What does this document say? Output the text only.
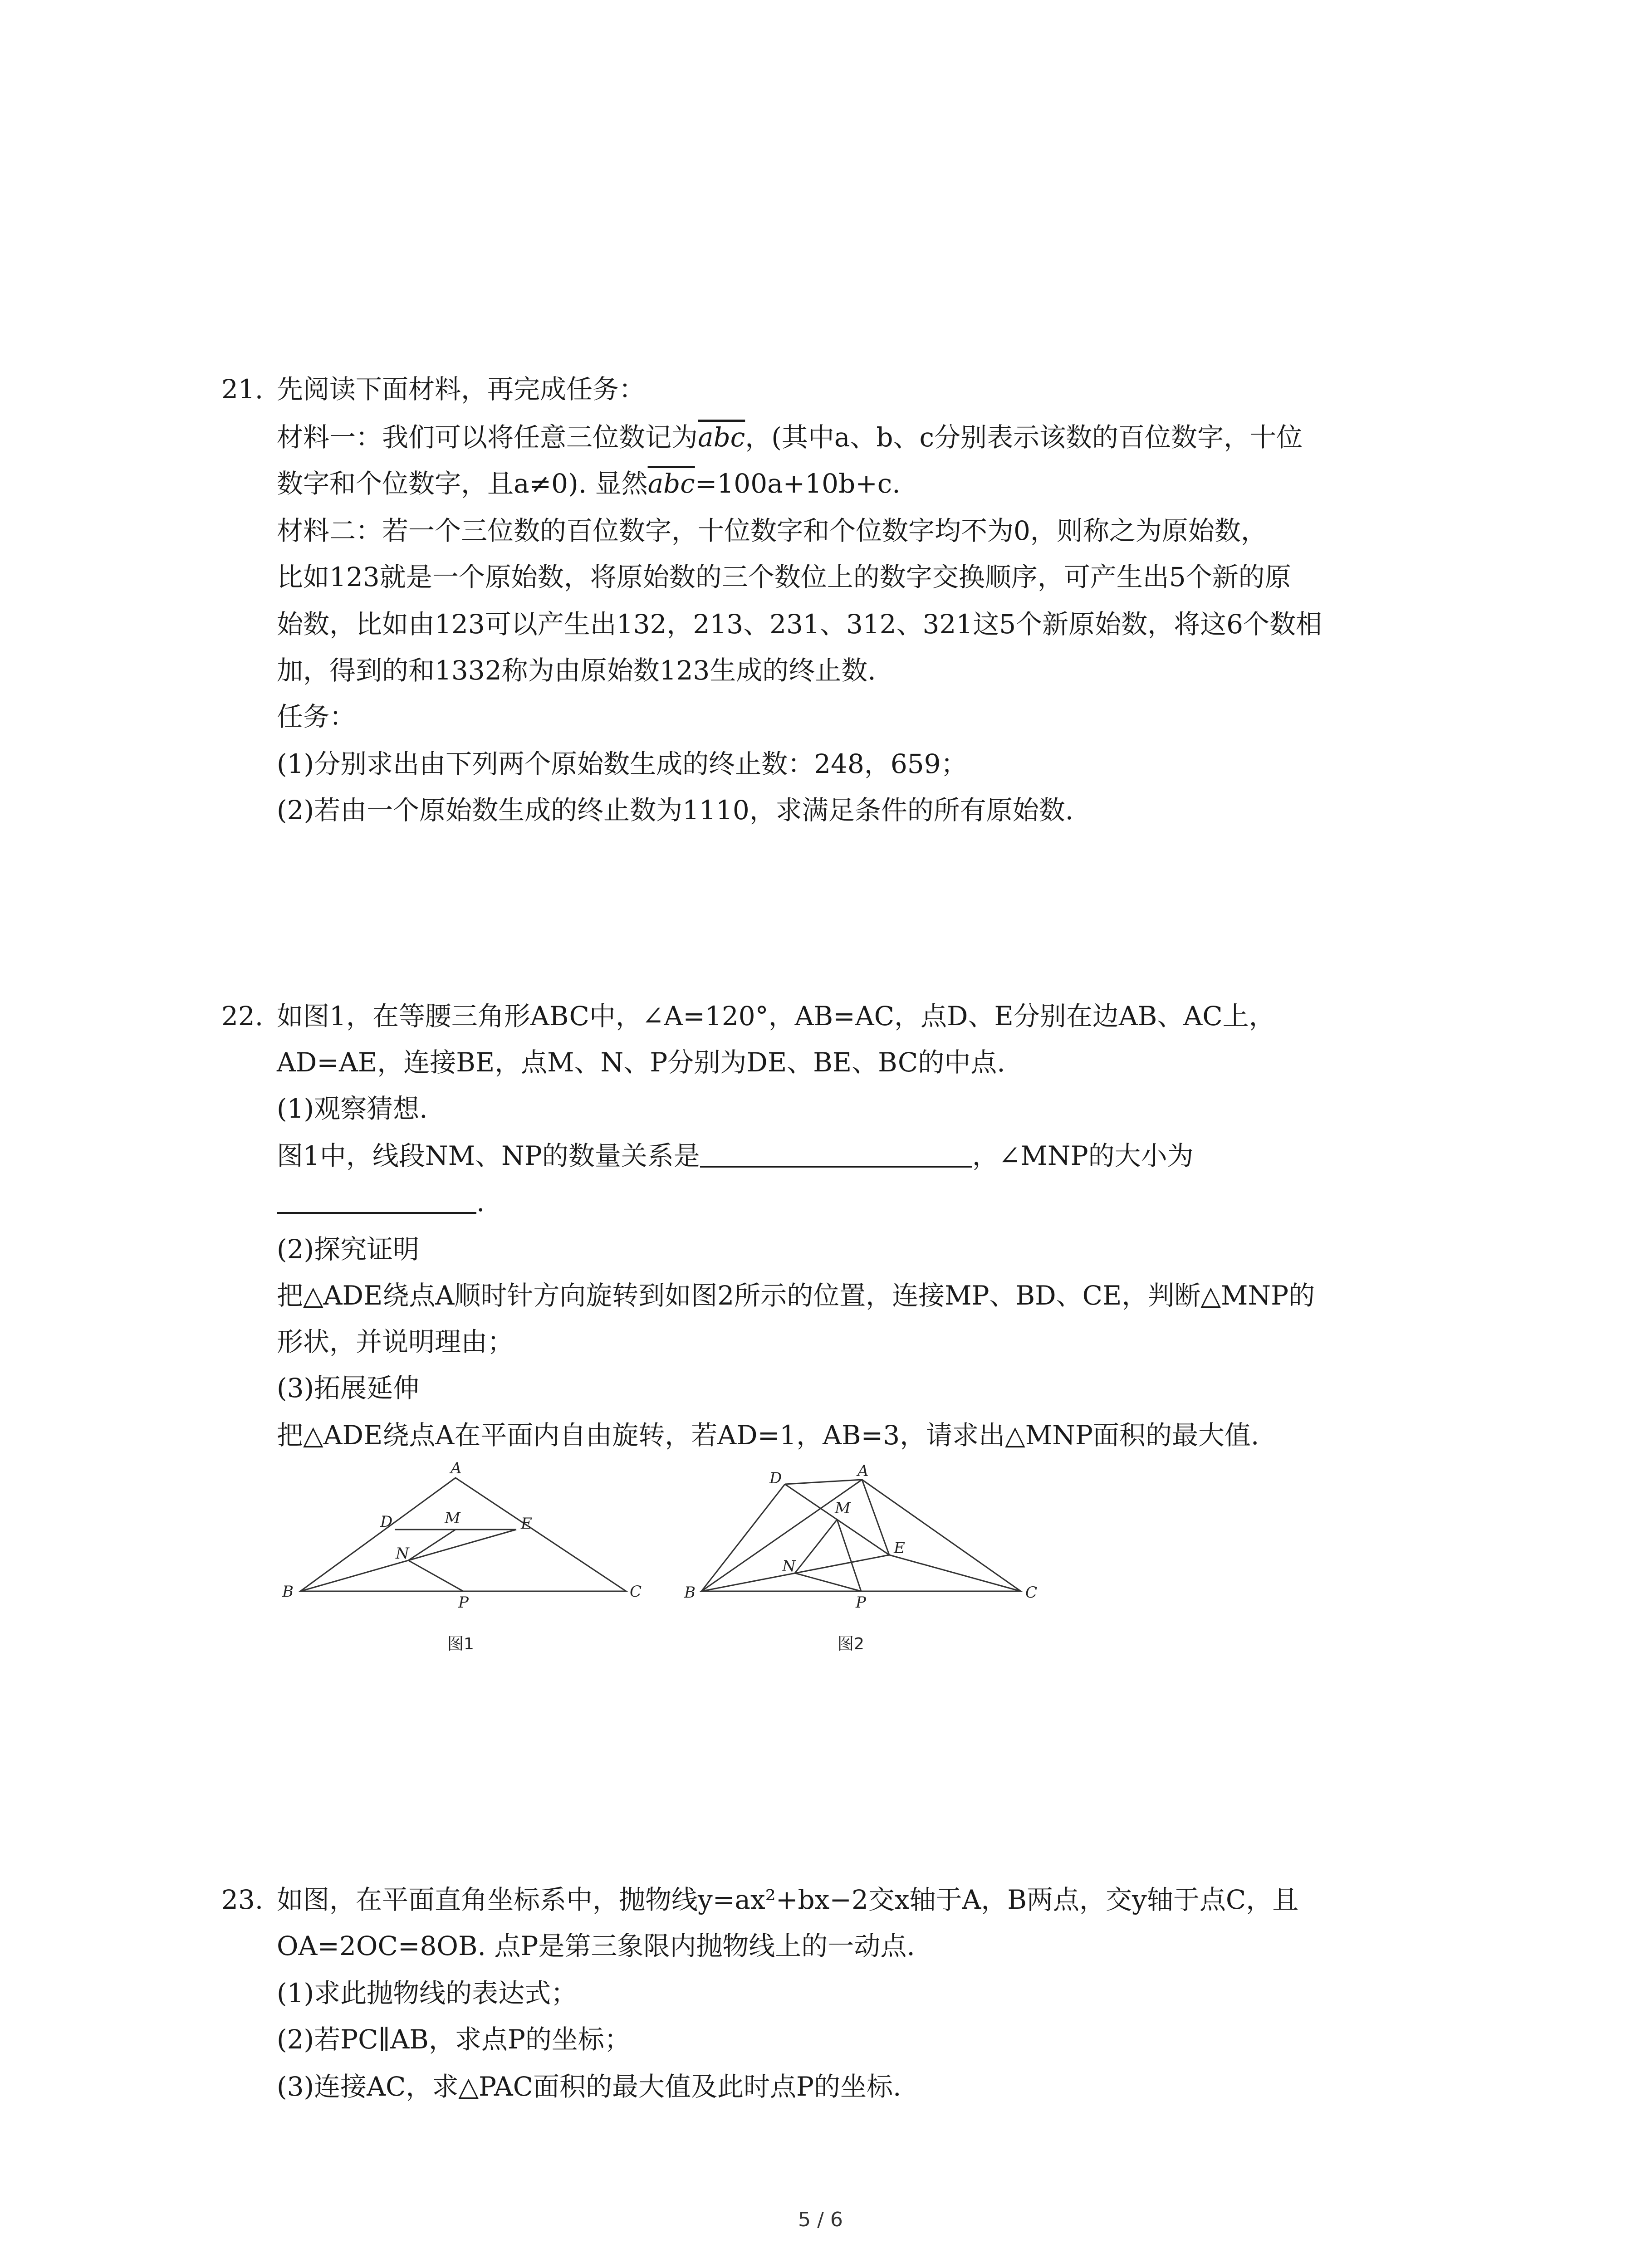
21. 先阅读下面材料，再完成任务：
材料一：我们可以将任意三位数记为$\overline{abc}$，(其中a、b、c分别表示该数的百位数字，十位
数字和个位数字，且a≠0). 显然$\overline{abc}=100a+10b+c$.
材料二：若一个三位数的百位数字，十位数字和个位数字均不为0，则称之为原始数，
比如123就是一个原始数，将原始数的三个数位上的数字交换顺序，可产生出5个新的原
始数，比如由123可以产生出132，213、231、312、321这5个新原始数，将这6个数相
加，得到的和1332称为由原始数123生成的终止数.
任务：
(1)分别求出由下列两个原始数生成的终止数：248，659；
(2)若由一个原始数生成的终止数为1110，求满足条件的所有原始数.
22. 如图1，在等腰三角形ABC中，∠A=120°，AB=AC，点D、E分别在边AB、AC上，
AD=AE，连接BE，点M、N、P分别为DE、BE、BC的中点.
(1)观察猜想.
图1中，线段NM、NP的数量关系是	，∠MNP的大小为
.
(2)探究证明
把△ADE绕点A顺时针方向旋转到如图2所示的位置，连接MP、BD、CE，判断△MNP的
形状，并说明理由；
(3)拓展延伸
把△ADE绕点A在平面内自由旋转，若AD=1，AB=3，请求出△MNP面积的最大值.
A
D	M	E
N
B
P
C
图1
D	A
M
E
N
B
P
C
图2
23. 如图，在平面直角坐标系中，抛物线y=ax²+bx−2交x轴于A，B两点，交y轴于点C，且
OA=2OC=8OB. 点P是第三象限内抛物线上的一动点.
(1)求此抛物线的表达式；
(2)若PC∥AB，求点P的坐标；
(3)连接AC，求△PAC面积的最大值及此时点P的坐标.
5 / 6
